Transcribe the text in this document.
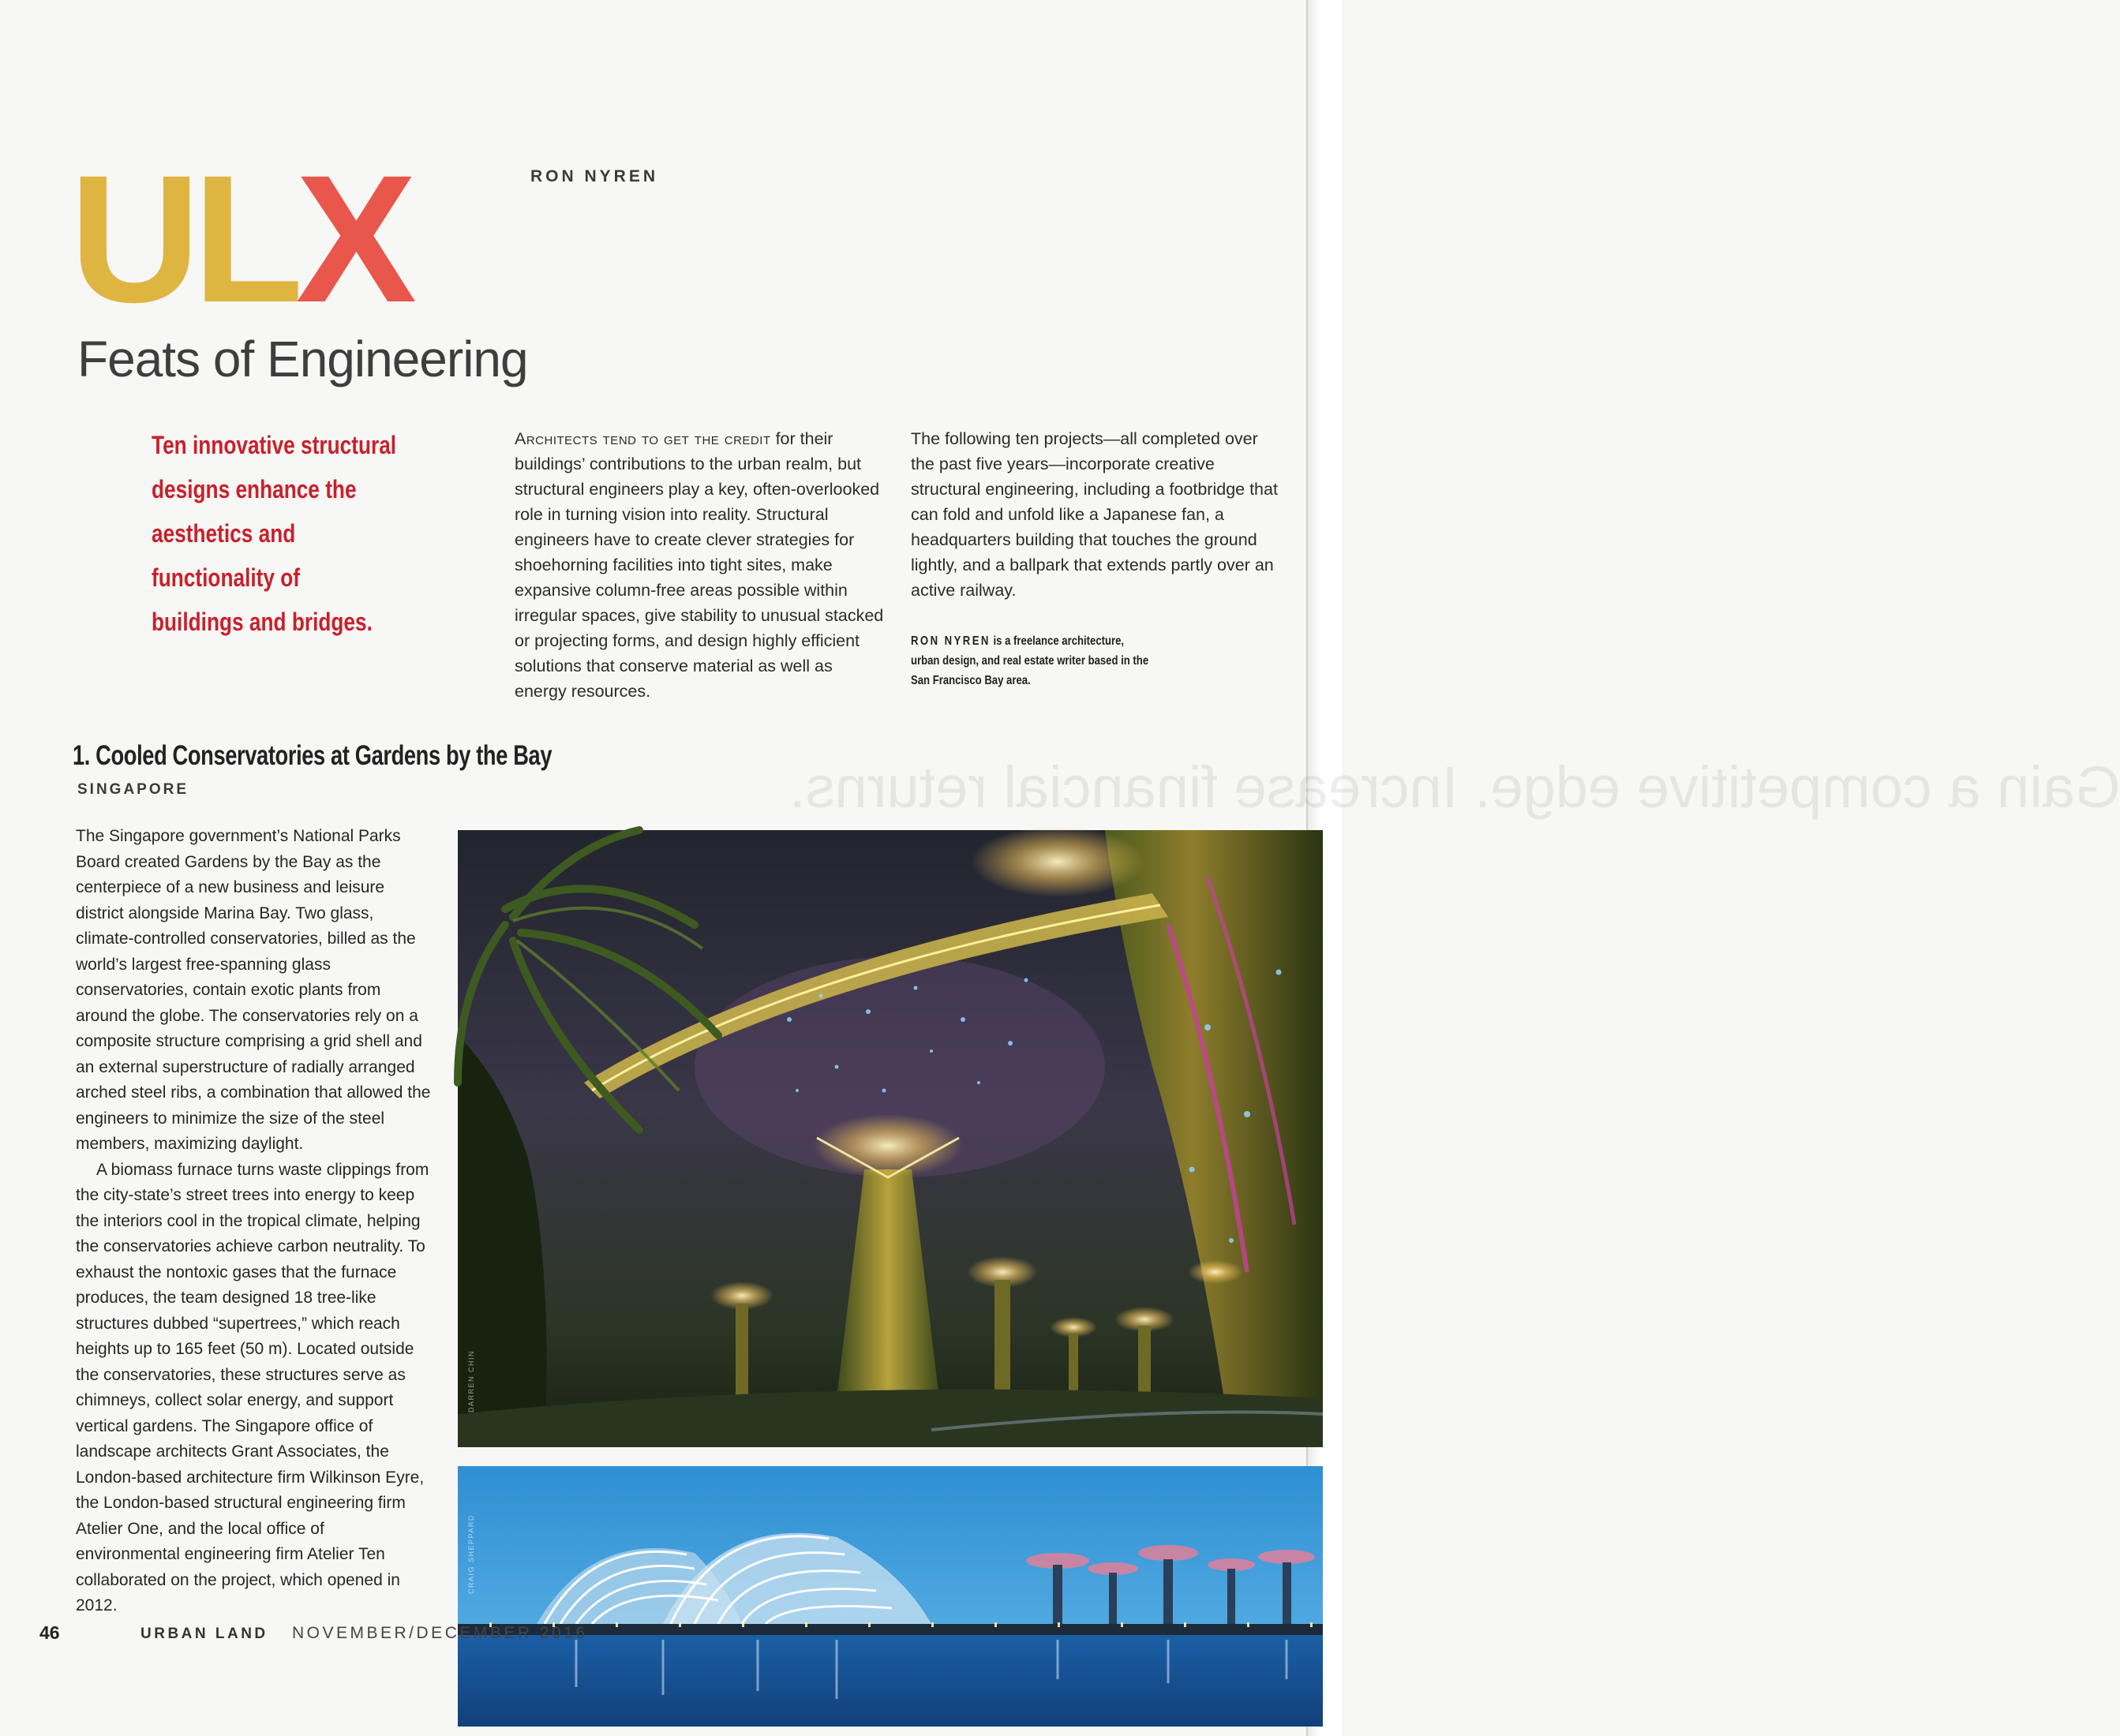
Gain a competitive edge. Increase financial returns.
ULX	RON NYREN
Feats of Engineering
Ten innovative structural designs enhance the aesthetics and functionality of buildings and bridges.

Architects tend to get the credit for their buildings’ contributions to the urban realm, but structural engineers play a key, often-overlooked role in turning vision into reality. Structural engineers have to create clever strategies for shoehorning facilities into tight sites, make expansive column-free areas possible within irregular spaces, give stability to unusual stacked or projecting forms, and design highly efficient solutions that conserve material as well as energy resources.

The following ten projects—all completed over the past five years—incorporate creative structural engineering, including a footbridge that can fold and unfold like a Japanese fan, a headquarters building that touches the ground lightly, and a ballpark that extends partly over an active railway.

RON NYREN is a freelance architecture,
urban design, and real estate writer based in the
San Francisco Bay area.

1. Cooled Conservatories at Gardens by the Bay
SINGAPORE

The Singapore government’s National Parks Board created Gardens by the Bay as the centerpiece of a new business and leisure district alongside Marina Bay. Two glass, climate-controlled conservatories, billed as the world’s largest free-spanning glass conservatories, contain exotic plants from around the globe. The conservatories rely on a composite structure comprising a grid shell and an external superstructure of radially arranged arched steel ribs, a combination that allowed the engineers to minimize the size of the steel members, maximizing daylight.

A biomass furnace turns waste clippings from the city-state’s street trees into energy to keep the interiors cool in the tropical climate, helping the conservatories achieve carbon neutrality. To exhaust the nontoxic gases that the furnace produces, the team designed 18 tree-like structures dubbed “supertrees,” which reach heights up to 165 feet (50 m). Located outside the conservatories, these structures serve as chimneys, collect solar energy, and support vertical gardens. The Singapore office of landscape architects Grant Associates, the London-based architecture firm Wilkinson Eyre, the London-based structural engineering firm Atelier One, and the local office of environmental engineering firm Atelier Ten collaborated on the project, which opened in 2012.

DARREN CHIN
CRAIG SHEPPARD
46	URBAN LAND NOVEMBER/DECEMBER 2016
